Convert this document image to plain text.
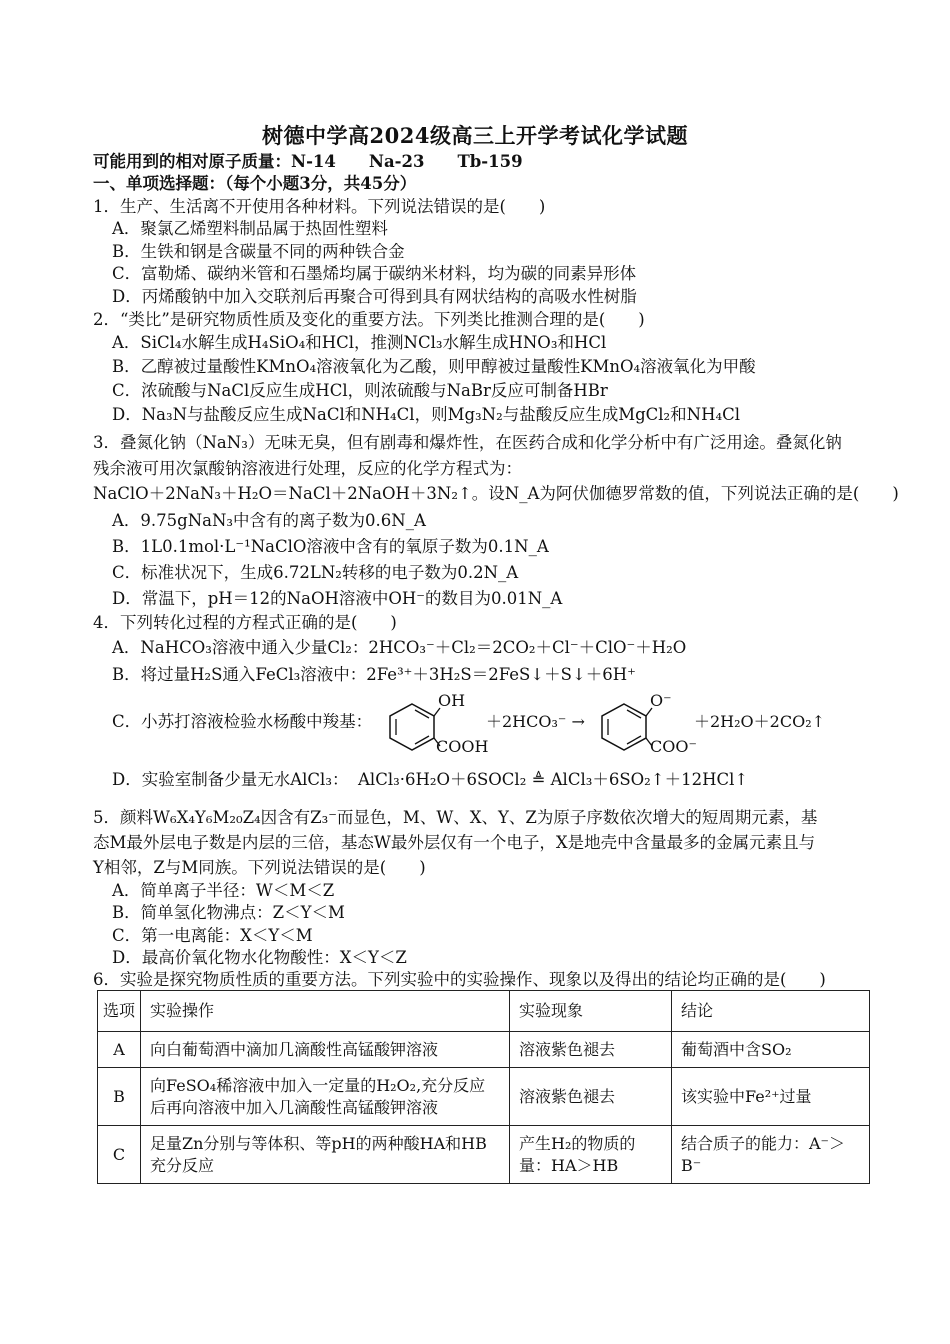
树德中学高2024级高三上开学考试化学试题
可能用到的相对原子质量：N-14　　Na-23　　Tb-159
一、单项选择题：（每个小题3分，共45分）
1．生产、生活离不开使用各种材料。下列说法错误的是(　　)
A．聚氯乙烯塑料制品属于热固性塑料
B．生铁和钢是含碳量不同的两种铁合金
C．富勒烯、碳纳米管和石墨烯均属于碳纳米材料，均为碳的同素异形体
D．丙烯酸钠中加入交联剂后再聚合可得到具有网状结构的高吸水性树脂
2．“类比”是研究物质性质及变化的重要方法。下列类比推测合理的是(　　)
A．SiCl₄水解生成H₄SiO₄和HCl，推测NCl₃水解生成HNO₃和HCl
B．乙醇被过量酸性KMnO₄溶液氧化为乙酸，则甲醇被过量酸性KMnO₄溶液氧化为甲酸
C．浓硫酸与NaCl反应生成HCl，则浓硫酸与NaBr反应可制备HBr
D．Na₃N与盐酸反应生成NaCl和NH₄Cl，则Mg₃N₂与盐酸反应生成MgCl₂和NH₄Cl
3．叠氮化钠（NaN₃）无味无臭，但有剧毒和爆炸性，在医药合成和化学分析中有广泛用途。叠氮化钠
残余液可用次氯酸钠溶液进行处理，反应的化学方程式为：
NaClO＋2NaN₃＋H₂O＝NaCl＋2NaOH＋3N₂↑。设N_A为阿伏伽德罗常数的值，下列说法正确的是(　　)
A．9.75gNaN₃中含有的离子数为0.6N_A
B．1L0.1mol·L⁻¹NaClO溶液中含有的氧原子数为0.1N_A
C．标准状况下，生成6.72LN₂转移的电子数为0.2N_A
D．常温下，pH＝12的NaOH溶液中OH⁻的数目为0.01N_A
4．下列转化过程的方程式正确的是(　　)
A．NaHCO₃溶液中通入少量Cl₂：2HCO₃⁻＋Cl₂＝2CO₂＋Cl⁻＋ClO⁻＋H₂O
B．将过量H₂S通入FeCl₃溶液中：2Fe³⁺＋3H₂S＝2FeS↓＋S↓＋6H⁺
C．小苏打溶液检验水杨酸中羧基：
OH
COOH
＋2HCO₃⁻ →
O⁻
COO⁻
＋2H₂O＋2CO₂↑
D．实验室制备少量无水AlCl₃： AlCl₃·6H₂O＋6SOCl₂ ≜ AlCl₃＋6SO₂↑＋12HCl↑
5．颜料W₆X₄Y₆M₂₀Z₄因含有Z₃⁻而显色，M、W、X、Y、Z为原子序数依次增大的短周期元素，基
态M最外层电子数是内层的三倍，基态W最外层仅有一个电子，X是地壳中含量最多的金属元素且与
Y相邻，Z与M同族。下列说法错误的是(　　)
A．简单离子半径：W＜M＜Z
B．简单氢化物沸点：Z＜Y＜M
C．第一电离能：X＜Y＜M
D．最高价氧化物水化物酸性：X＜Y＜Z
6．实验是探究物质性质的重要方法。下列实验中的实验操作、现象以及得出的结论均正确的是(　　)
选项	实验操作	实验现象	结论
A	向白葡萄酒中滴加几滴酸性高锰酸钾溶液	溶液紫色褪去	葡萄酒中含SO₂
B	向FeSO₄稀溶液中加入一定量的H₂O₂,充分反应后再向溶液中加入几滴酸性高锰酸钾溶液	溶液紫色褪去	该实验中Fe²⁺过量
C	足量Zn分别与等体积、等pH的两种酸HA和HB充分反应	产生H₂的物质的量：HA＞HB	结合质子的能力：A⁻＞B⁻
